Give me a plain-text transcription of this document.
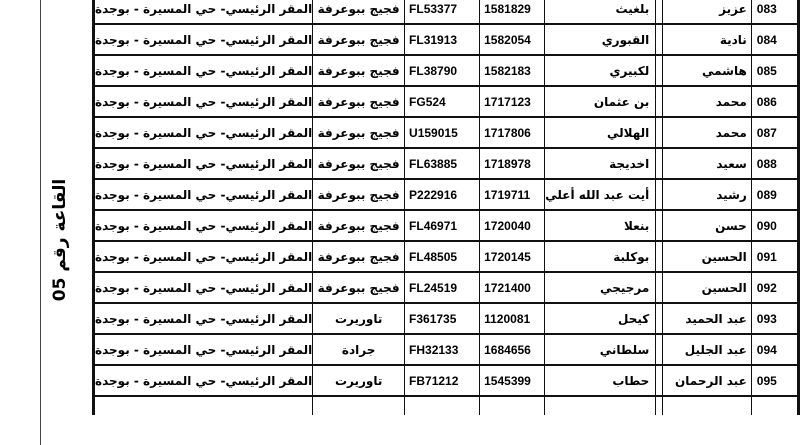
القاعة رقم 05
المقر الرئيسي- حي المسيرة - بوجدة	فجيج ببوعرفة	FL53377	1581829	بلغيث		عزيز	083
المقر الرئيسي- حي المسيرة - بوجدة	فجيج ببوعرفة	FL31913	1582054	القبوري		نادية	084
المقر الرئيسي- حي المسيرة - بوجدة	فجيج ببوعرفة	FL38790	1582183	لكبيري		هاشمي	085
المقر الرئيسي- حي المسيرة - بوجدة	فجيج ببوعرفة	FG524	1717123	بن عثمان		محمد	086
المقر الرئيسي- حي المسيرة - بوجدة	فجيج ببوعرفة	U159015	1717806	الهلالي		محمد	087
المقر الرئيسي- حي المسيرة - بوجدة	فجيج ببوعرفة	FL63885	1718978	اخديجة		سعيد	088
المقر الرئيسي- حي المسيرة - بوجدة	فجيج ببوعرفة	P222916	1719711	أيت عبد الله أعلي		رشيد	089
المقر الرئيسي- حي المسيرة - بوجدة	فجيج ببوعرفة	FL46971	1720040	بنعلا		حسن	090
المقر الرئيسي- حي المسيرة - بوجدة	فجيج ببوعرفة	FL48505	1720145	بوكلبة		الحسين	091
المقر الرئيسي- حي المسيرة - بوجدة	فجيج ببوعرفة	FL24519	1721400	مرجيجي		الحسين	092
المقر الرئيسي- حي المسيرة - بوجدة	تاوريرت	F361735	1120081	كيحل		عبد الحميد	093
المقر الرئيسي- حي المسيرة - بوجدة	جرادة	FH32133	1684656	سلطاني		عبد الجليل	094
المقر الرئيسي- حي المسيرة - بوجدة	تاوريرت	FB71212	1545399	حطاب		عبد الرحمان	095
